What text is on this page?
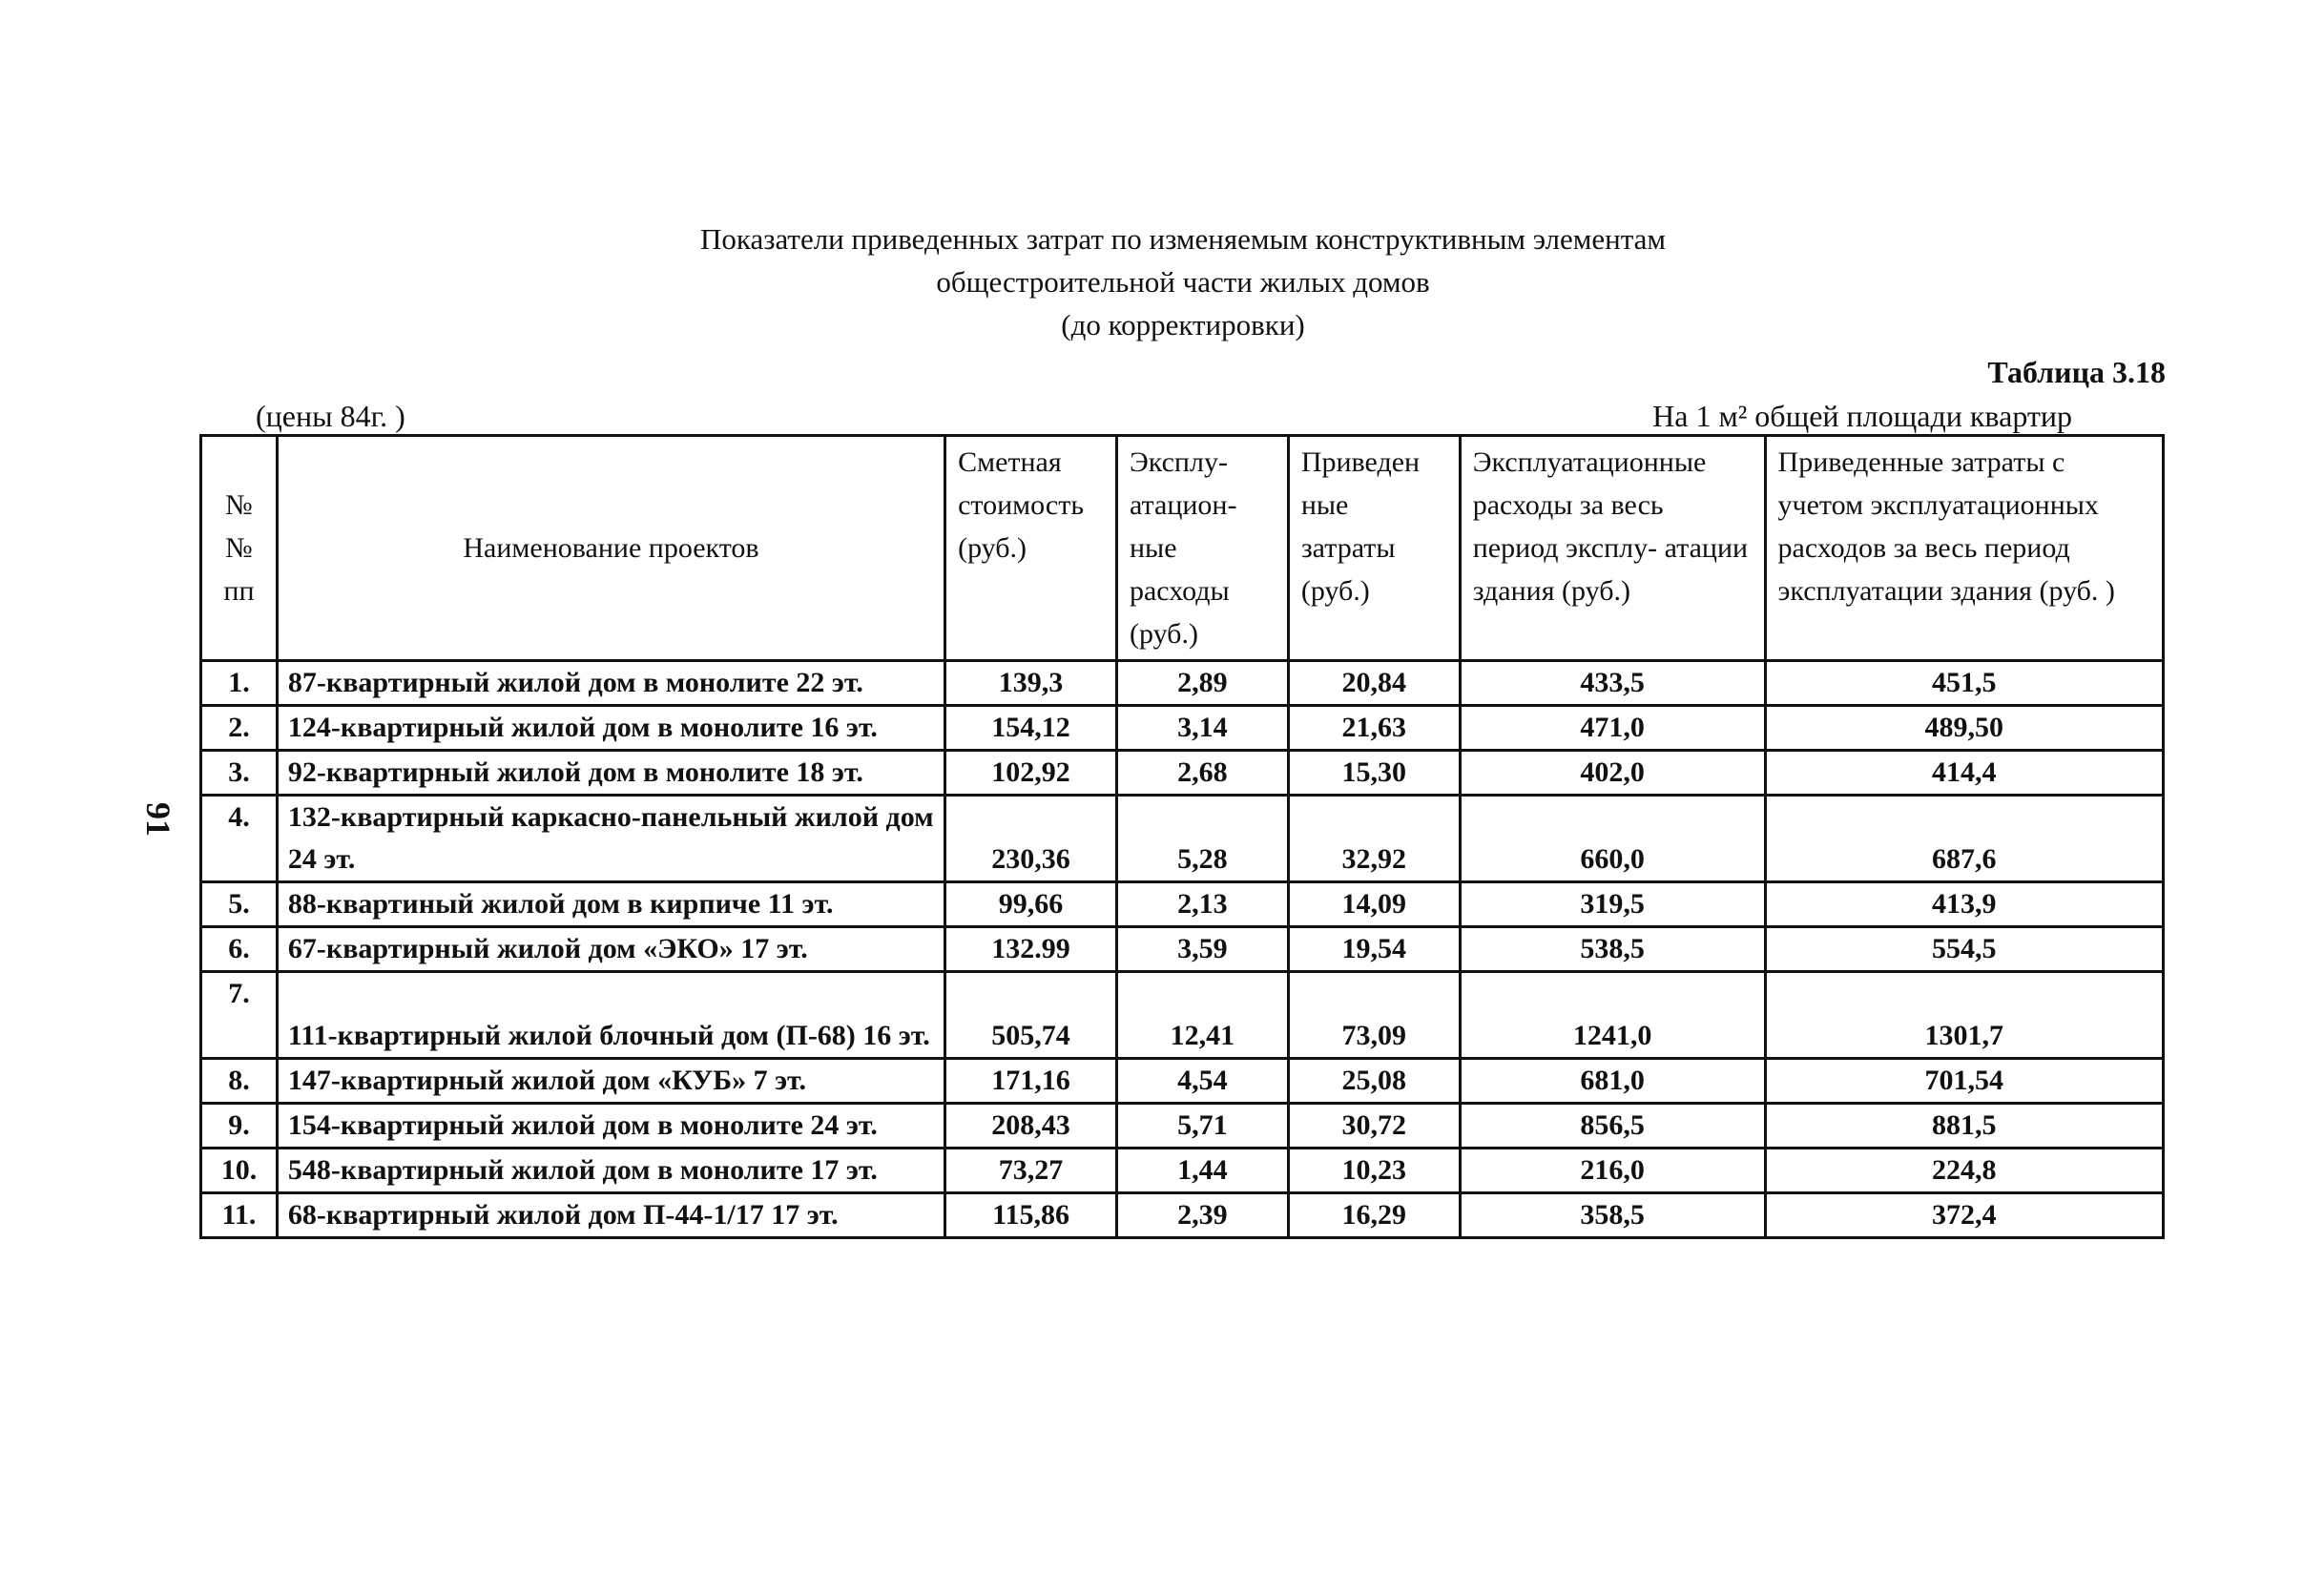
Показатели приведенных затрат по изменяемым конструктивным элементам
общестроительной части жилых домов
(до корректировки)
Таблица 3.18
(цены 84г. )	На 1 м² общей площади квартир
91
№№ пп	Наименование проектов	Сметная стоимость (руб.)	Эксплу- атацион- ные расходы (руб.)	Приведен ные затраты (руб.)	Эксплуатационные расходы за весь период эксплу- атации здания (руб.)	Приведенные затраты с учетом эксплуатационных расходов за весь период эксплуатации здания (руб. )
1.	87-квартирный жилой дом в монолите 22 эт.	139,3	2,89	20,84	433,5	451,5
2.	124-квартирный жилой дом в монолите 16 эт.	154,12	3,14	21,63	471,0	489,50
3.	92-квартирный жилой дом в монолите 18 эт.	102,92	2,68	15,30	402,0	414,4
4.	132-квартирный каркасно-панельный жилой дом 24 эт.	230,36	5,28	32,92	660,0	687,6
5.	88-квартиный жилой дом в кирпиче 11 эт.	99,66	2,13	14,09	319,5	413,9
6.	67-квартирный жилой дом «ЭКО» 17 эт.	132.99	3,59	19,54	538,5	554,5
7.	111-квартирный жилой блочный дом (П-68) 16 эт.	505,74	12,41	73,09	1241,0	1301,7
8.	147-квартирный жилой дом «КУБ» 7 эт.	171,16	4,54	25,08	681,0	701,54
9.	154-квартирный жилой дом в монолите 24 эт.	208,43	5,71	30,72	856,5	881,5
10.	548-квартирный жилой дом в монолите 17 эт.	73,27	1,44	10,23	216,0	224,8
11.	68-квартирный жилой дом П-44-1/17 17 эт.	115,86	2,39	16,29	358,5	372,4
